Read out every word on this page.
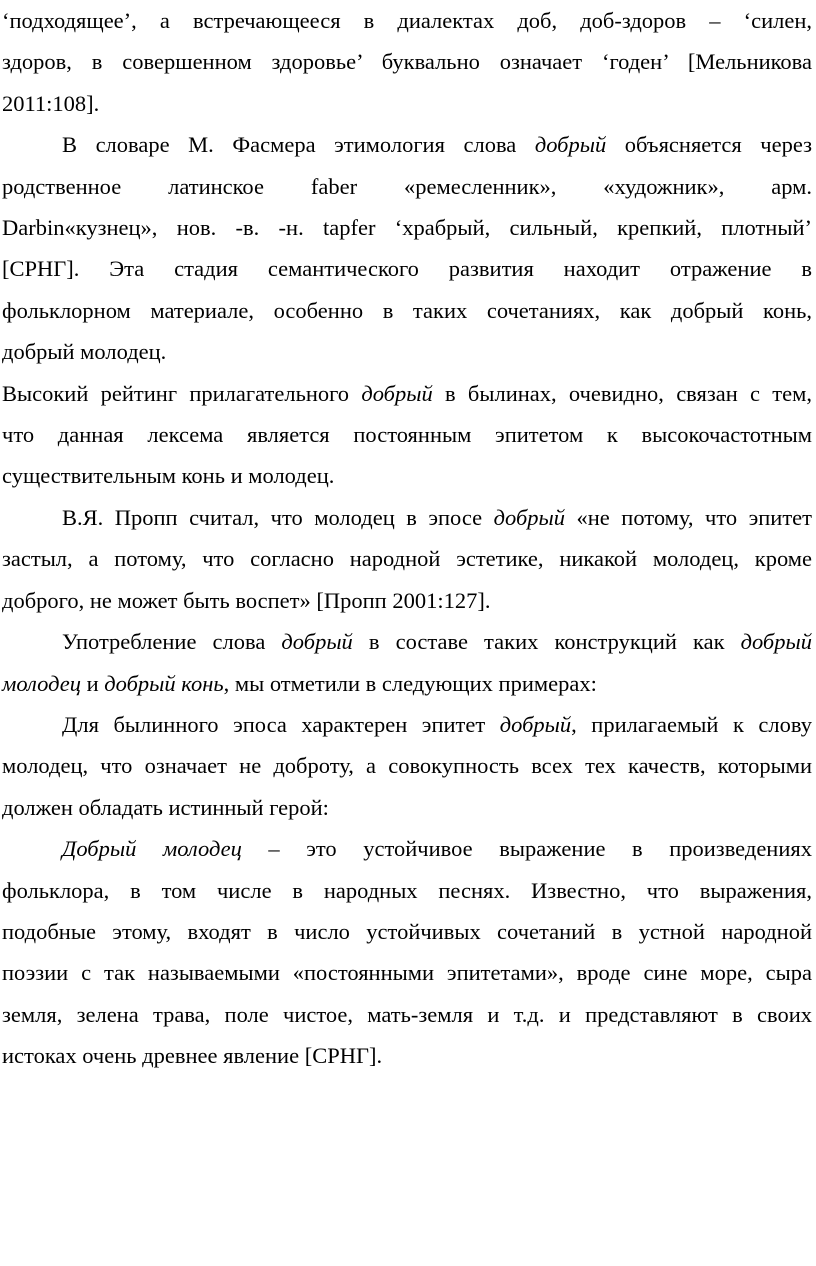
‘подходящее’, а встречающееся в диалектах доб, доб-здоров – ‘силен,

здоров, в совершенном здоровье’ буквально означает ‘годен’ [Мельникова

2011:108].

В словаре М. Фасмера этимология слова добрый объясняется через

родственное латинское faber «ремесленник», «художник», арм.

Darbin«кузнец», нов. -в. -н. tapfer ‘храбрый, сильный, крепкий, плотный’

[СРНГ]. Эта стадия семантического развития находит отражение в

фольклорном материале, особенно в таких сочетаниях, как добрый конь,

добрый молодец.

Высокий рейтинг прилагательного добрый в былинах, очевидно, связан с тем,

что данная лексема является постоянным эпитетом к высокочастотным

существительным конь и молодец.

В.Я. Пропп считал, что молодец в эпосе добрый «не потому, что эпитет

застыл, а потому, что согласно народной эстетике, никакой молодец, кроме

доброго, не может быть воспет» [Пропп 2001:127].

Употребление слова добрый в составе таких конструкций как добрый

молодец и добрый конь, мы отметили в следующих примерах:

Для былинного эпоса характерен эпитет добрый, прилагаемый к слову

молодец, что означает не доброту, а совокупность всех тех качеств, которыми

должен обладать истинный герой:

Добрый молодец – это устойчивое выражение в произведениях

фольклора, в том числе в народных песнях. Известно, что выражения,

подобные этому, входят в число устойчивых сочетаний в устной народной

поэзии с так называемыми «постоянными эпитетами», вроде сине море, сыра

земля, зелена трава, поле чистое, мать-земля и т.д. и представляют в своих

истоках очень древнее явление [СРНГ].
